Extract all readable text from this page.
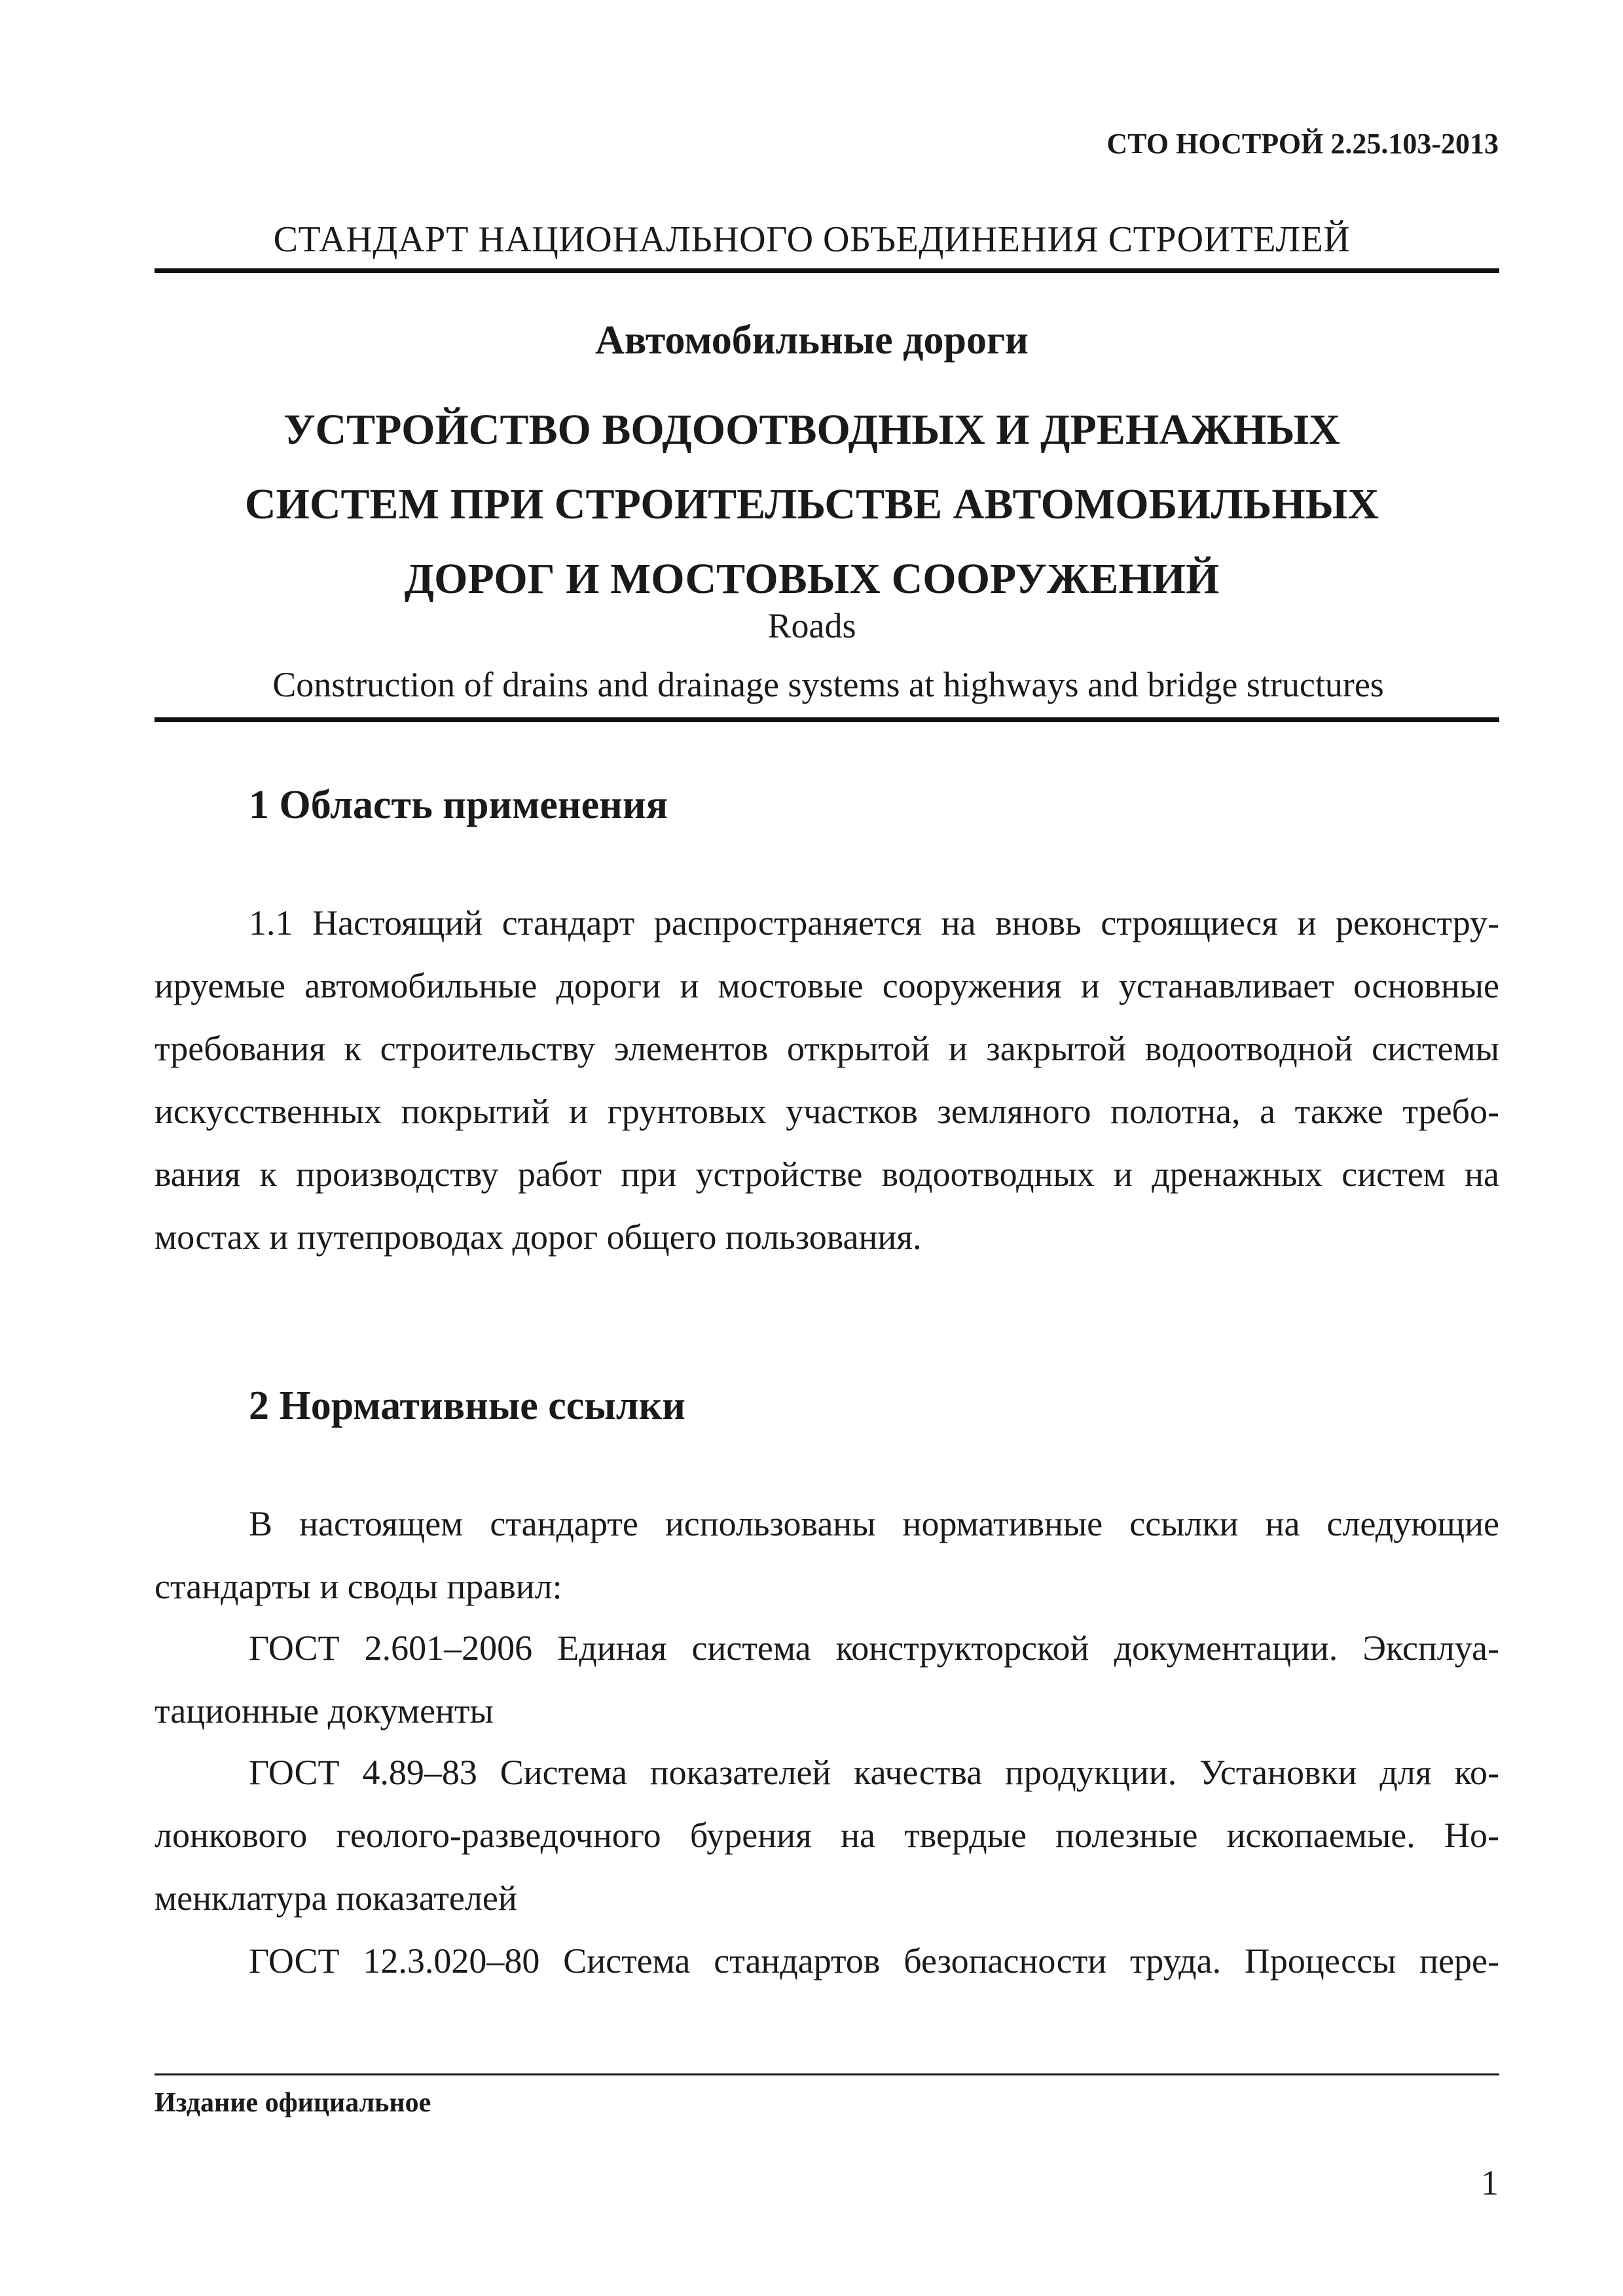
СТО НОСТРОЙ 2.25.103-2013
СТАНДАРТ НАЦИОНАЛЬНОГО ОБЪЕДИНЕНИЯ СТРОИТЕЛЕЙ
Автомобильные дороги
УСТРОЙСТВО ВОДООТВОДНЫХ И ДРЕНАЖНЫХ
СИСТЕМ ПРИ СТРОИТЕЛЬСТВЕ АВТОМОБИЛЬНЫХ
ДОРОГ И МОСТОВЫХ СООРУЖЕНИЙ
Roads
Construction of drains and drainage systems at highways and bridge structures
1 Область применения
1.1 Настоящий стандарт распространяется на вновь строящиеся и реконстру-
ируемые автомобильные дороги и мостовые сооружения и устанавливает основные
требования к строительству элементов открытой и закрытой водоотводной системы
искусственных покрытий и грунтовых участков земляного полотна, а также требо-
вания к производству работ при устройстве водоотводных и дренажных систем на
мостах и путепроводах дорог общего пользования.
2 Нормативные ссылки
В настоящем стандарте использованы нормативные ссылки на следующие
стандарты и своды правил:
ГОСТ 2.601–2006 Единая система конструкторской документации. Эксплуа-
тационные документы
ГОСТ 4.89–83 Система показателей качества продукции. Установки для ко-
лонкового геолого-разведочного бурения на твердые полезные ископаемые. Но-
менклатура показателей
ГОСТ 12.3.020–80 Система стандартов безопасности труда. Процессы пере-
Издание официальное
1
